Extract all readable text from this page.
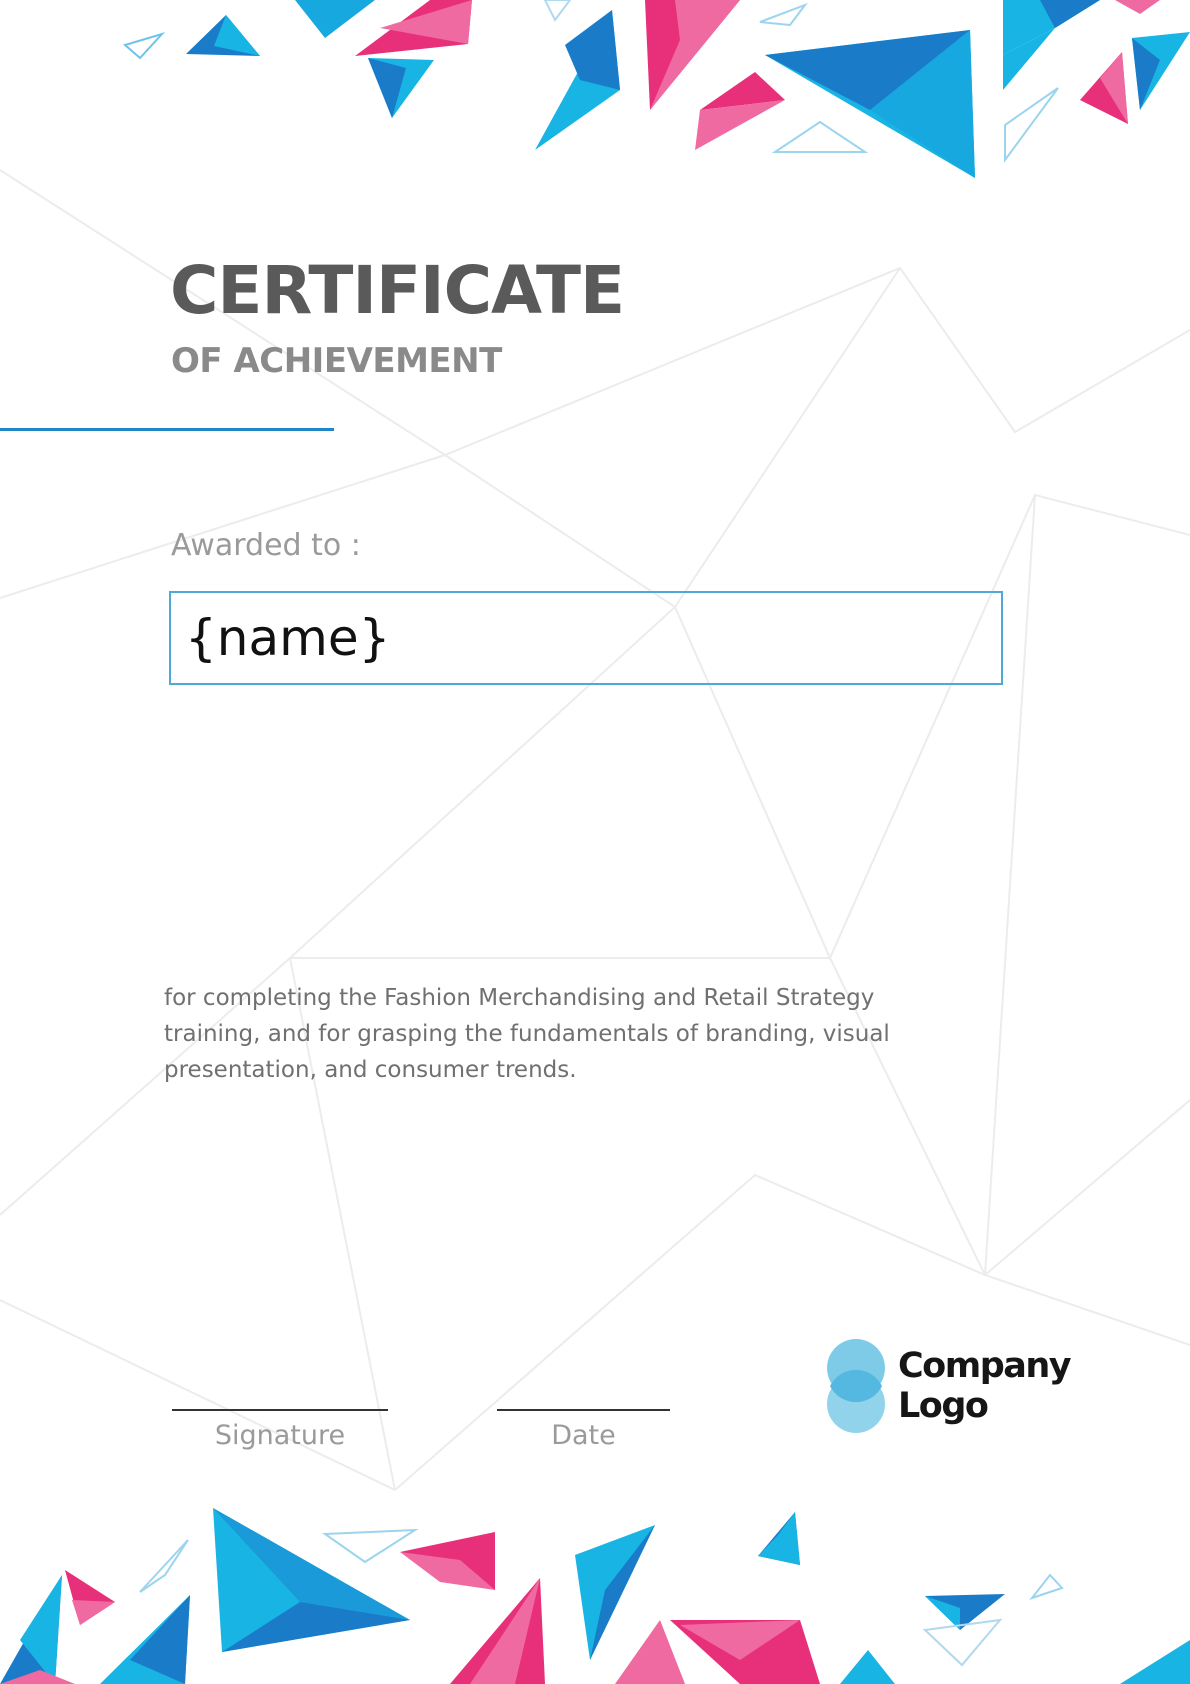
CERTIFICATE
OF ACHIEVEMENT
Awarded to :
{name}
for completing the Fashion Merchandising and Retail Strategy training, and for grasping the fundamentals of branding, visual presentation, and consumer trends.
Signature	Date
Company
Logo
